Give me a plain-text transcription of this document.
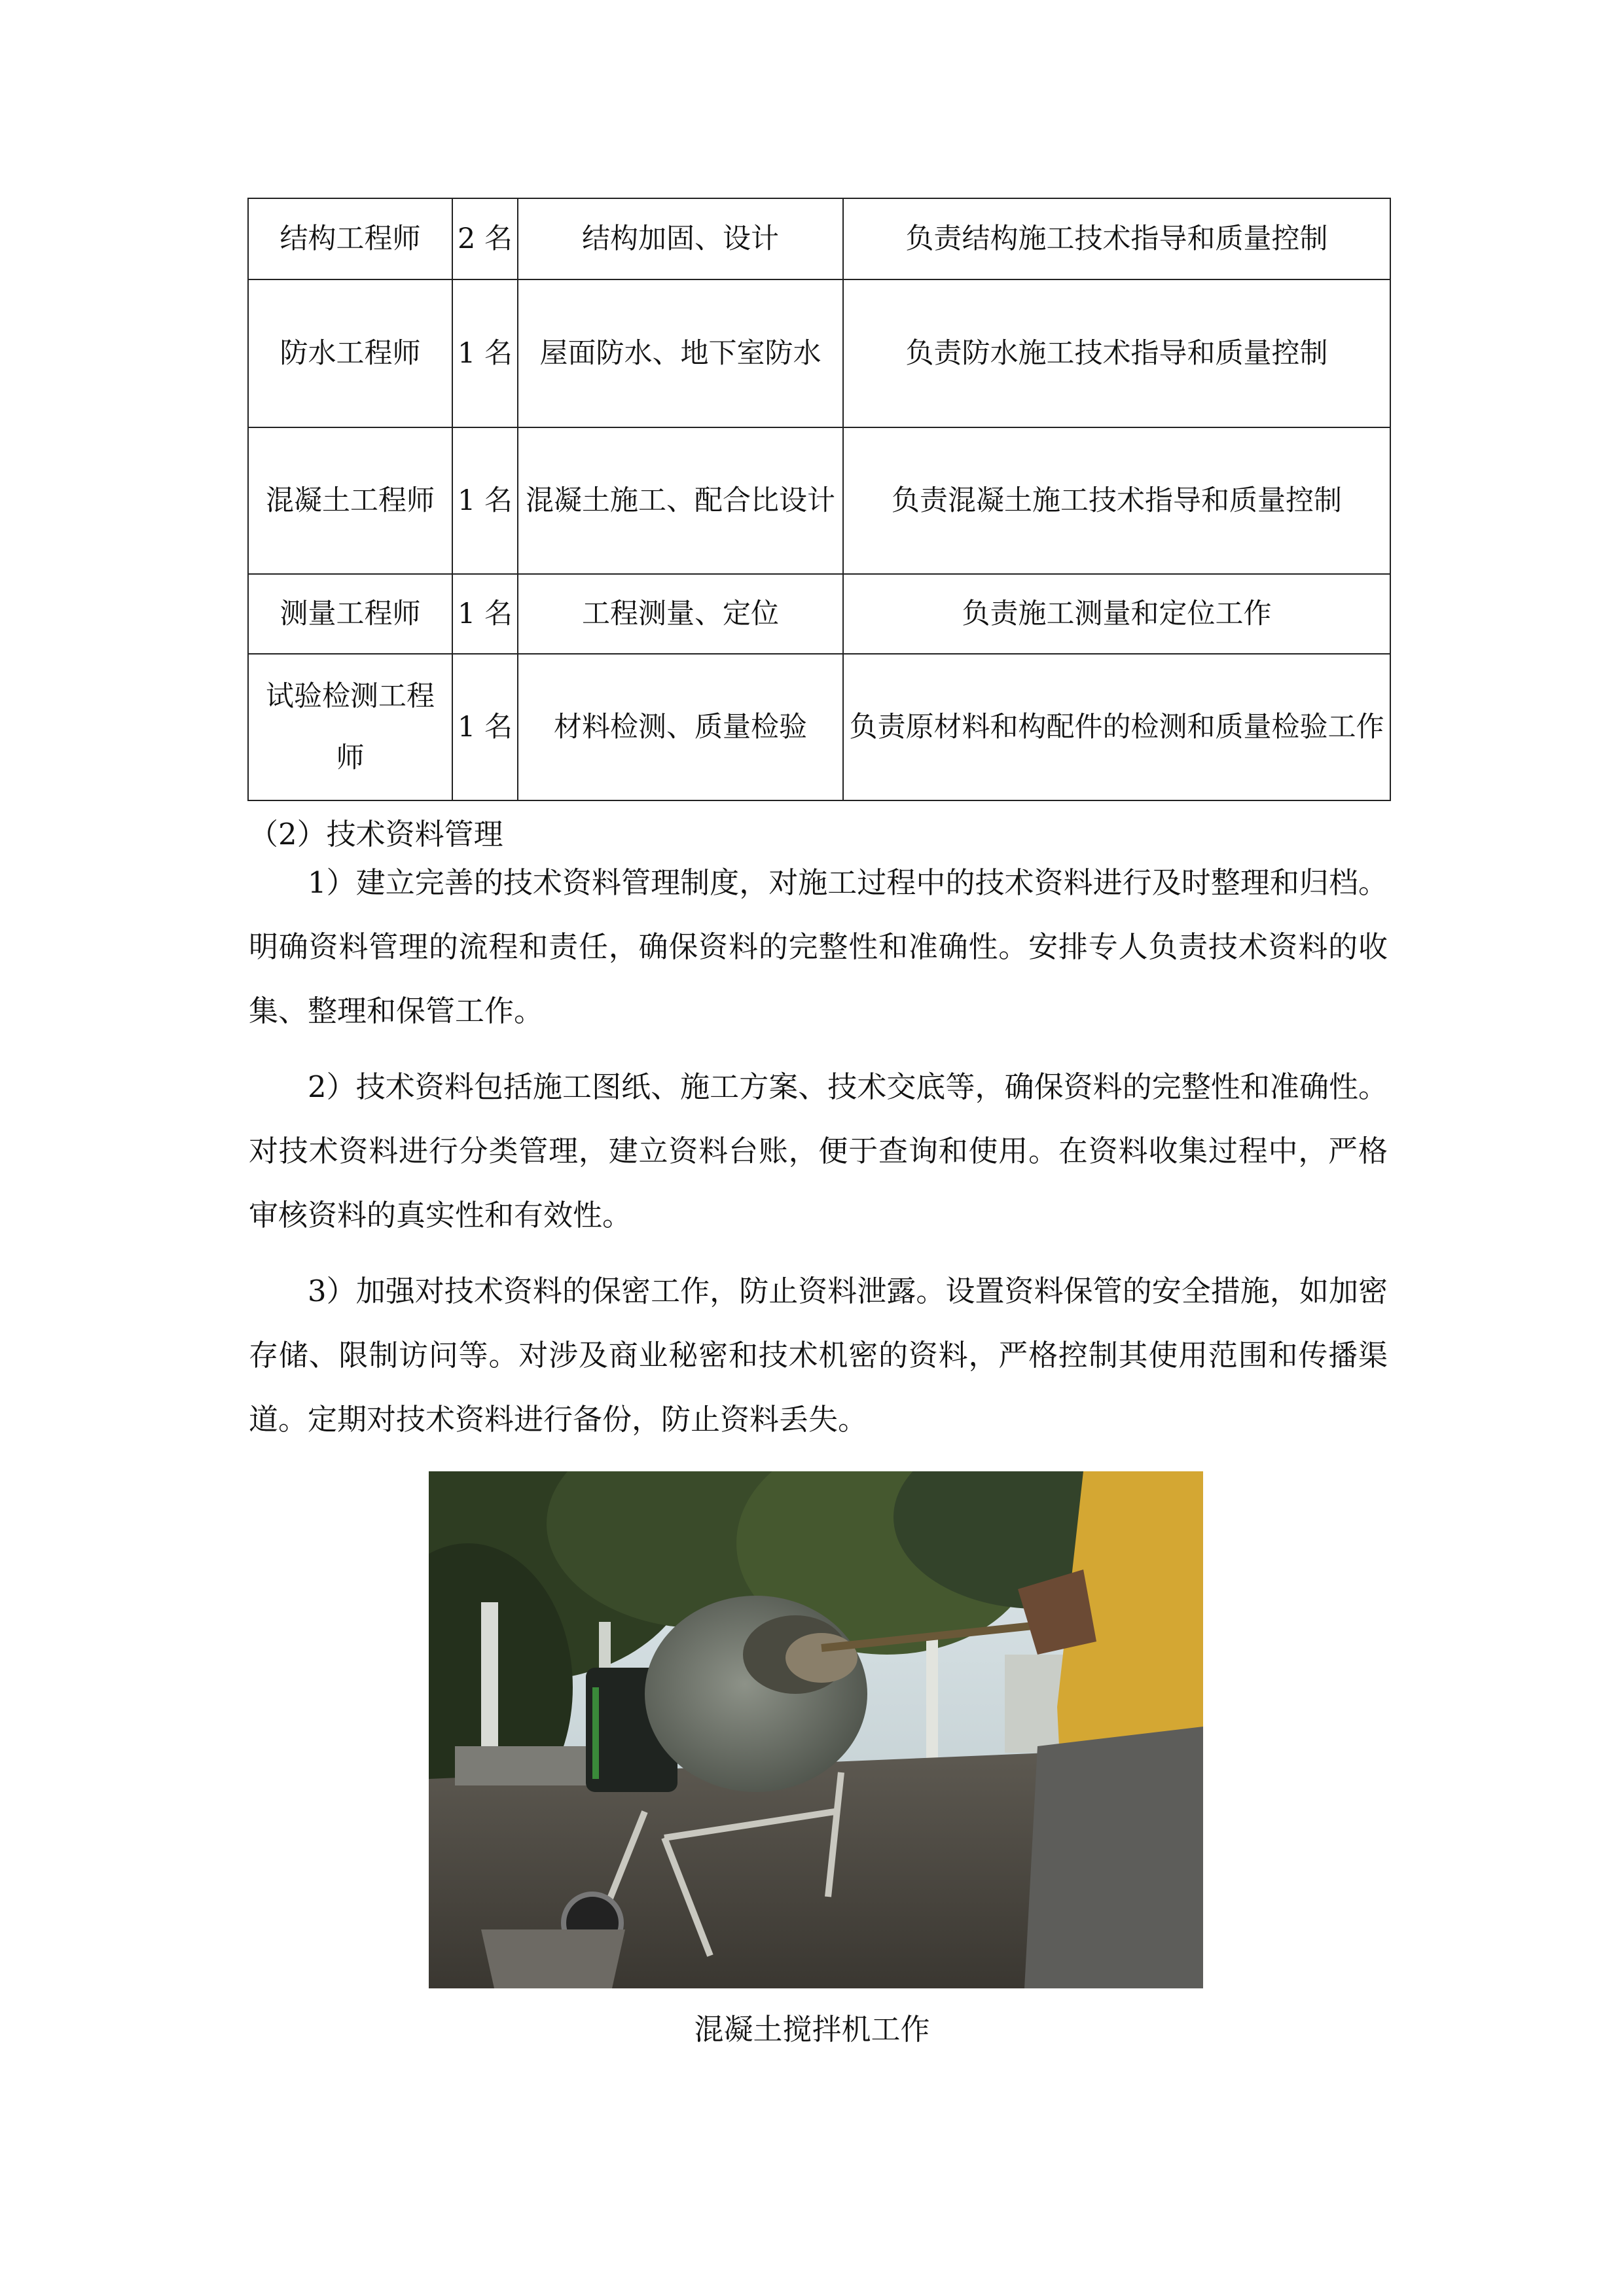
结构工程师	2 名	结构加固、设计	负责结构施工技术指导和质量控制
防水工程师	1 名	屋面防水、地下室防水	负责防水施工技术指导和质量控制
混凝土工程师	1 名	混凝土施工、配合比设计	负责混凝土施工技术指导和质量控制
测量工程师	1 名	工程测量、定位	负责施工测量和定位工作
试验检测工程师	1 名	材料检测、质量检验	负责原材料和构配件的检测和质量检验工作
（2）技术资料管理

1）建立完善的技术资料管理制度，对施工过程中的技术资料进行及时整理和归档。明确资料管理的流程和责任，确保资料的完整性和准确性。安排专人负责技术资料的收集、整理和保管工作。

2）技术资料包括施工图纸、施工方案、技术交底等，确保资料的完整性和准确性。对技术资料进行分类管理，建立资料台账，便于查询和使用。在资料收集过程中，严格审核资料的真实性和有效性。

3）加强对技术资料的保密工作，防止资料泄露。设置资料保管的安全措施，如加密存储、限制访问等。对涉及商业秘密和技术机密的资料，严格控制其使用范围和传播渠道。定期对技术资料进行备份，防止资料丢失。

混凝土搅拌机工作
